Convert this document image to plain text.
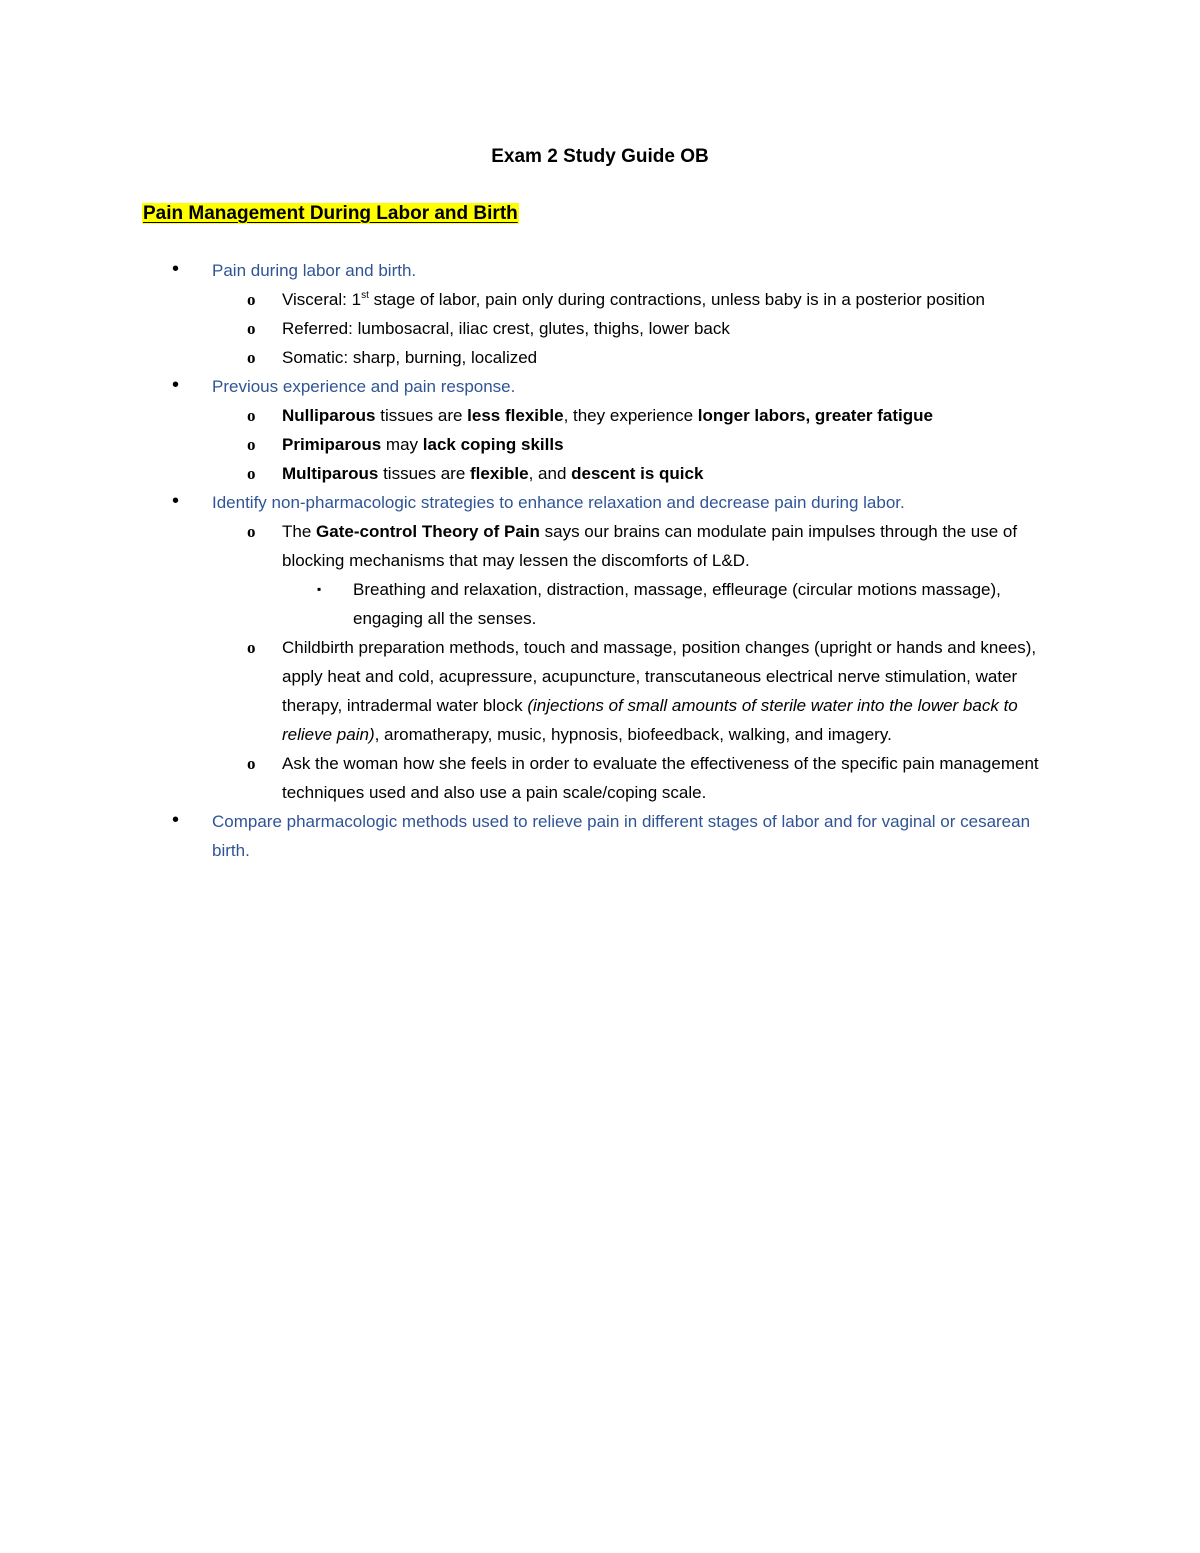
Exam 2 Study Guide OB
Pain Management During Labor and Birth
• Pain during labor and birth.
o Visceral: 1st stage of labor, pain only during contractions, unless baby is in a posterior position
o Referred: lumbosacral, iliac crest, glutes, thighs, lower back
o Somatic: sharp, burning, localized
• Previous experience and pain response.
o Nulliparous tissues are less flexible, they experience longer labors, greater fatigue
o Primiparous may lack coping skills
o Multiparous tissues are flexible, and descent is quick
• Identify non-pharmacologic strategies to enhance relaxation and decrease pain during labor.
o The Gate-control Theory of Pain says our brains can modulate pain impulses through the use of blocking mechanisms that may lessen the discomforts of L&D.
▪ Breathing and relaxation, distraction, massage, effleurage (circular motions massage), engaging all the senses.
o Childbirth preparation methods, touch and massage, position changes (upright or hands and knees), apply heat and cold, acupressure, acupuncture, transcutaneous electrical nerve stimulation, water therapy, intradermal water block (injections of small amounts of sterile water into the lower back to relieve pain), aromatherapy, music, hypnosis, biofeedback, walking, and imagery.
o Ask the woman how she feels in order to evaluate the effectiveness of the specific pain management techniques used and also use a pain scale/coping scale.
• Compare pharmacologic methods used to relieve pain in different stages of labor and for vaginal or cesarean birth.
